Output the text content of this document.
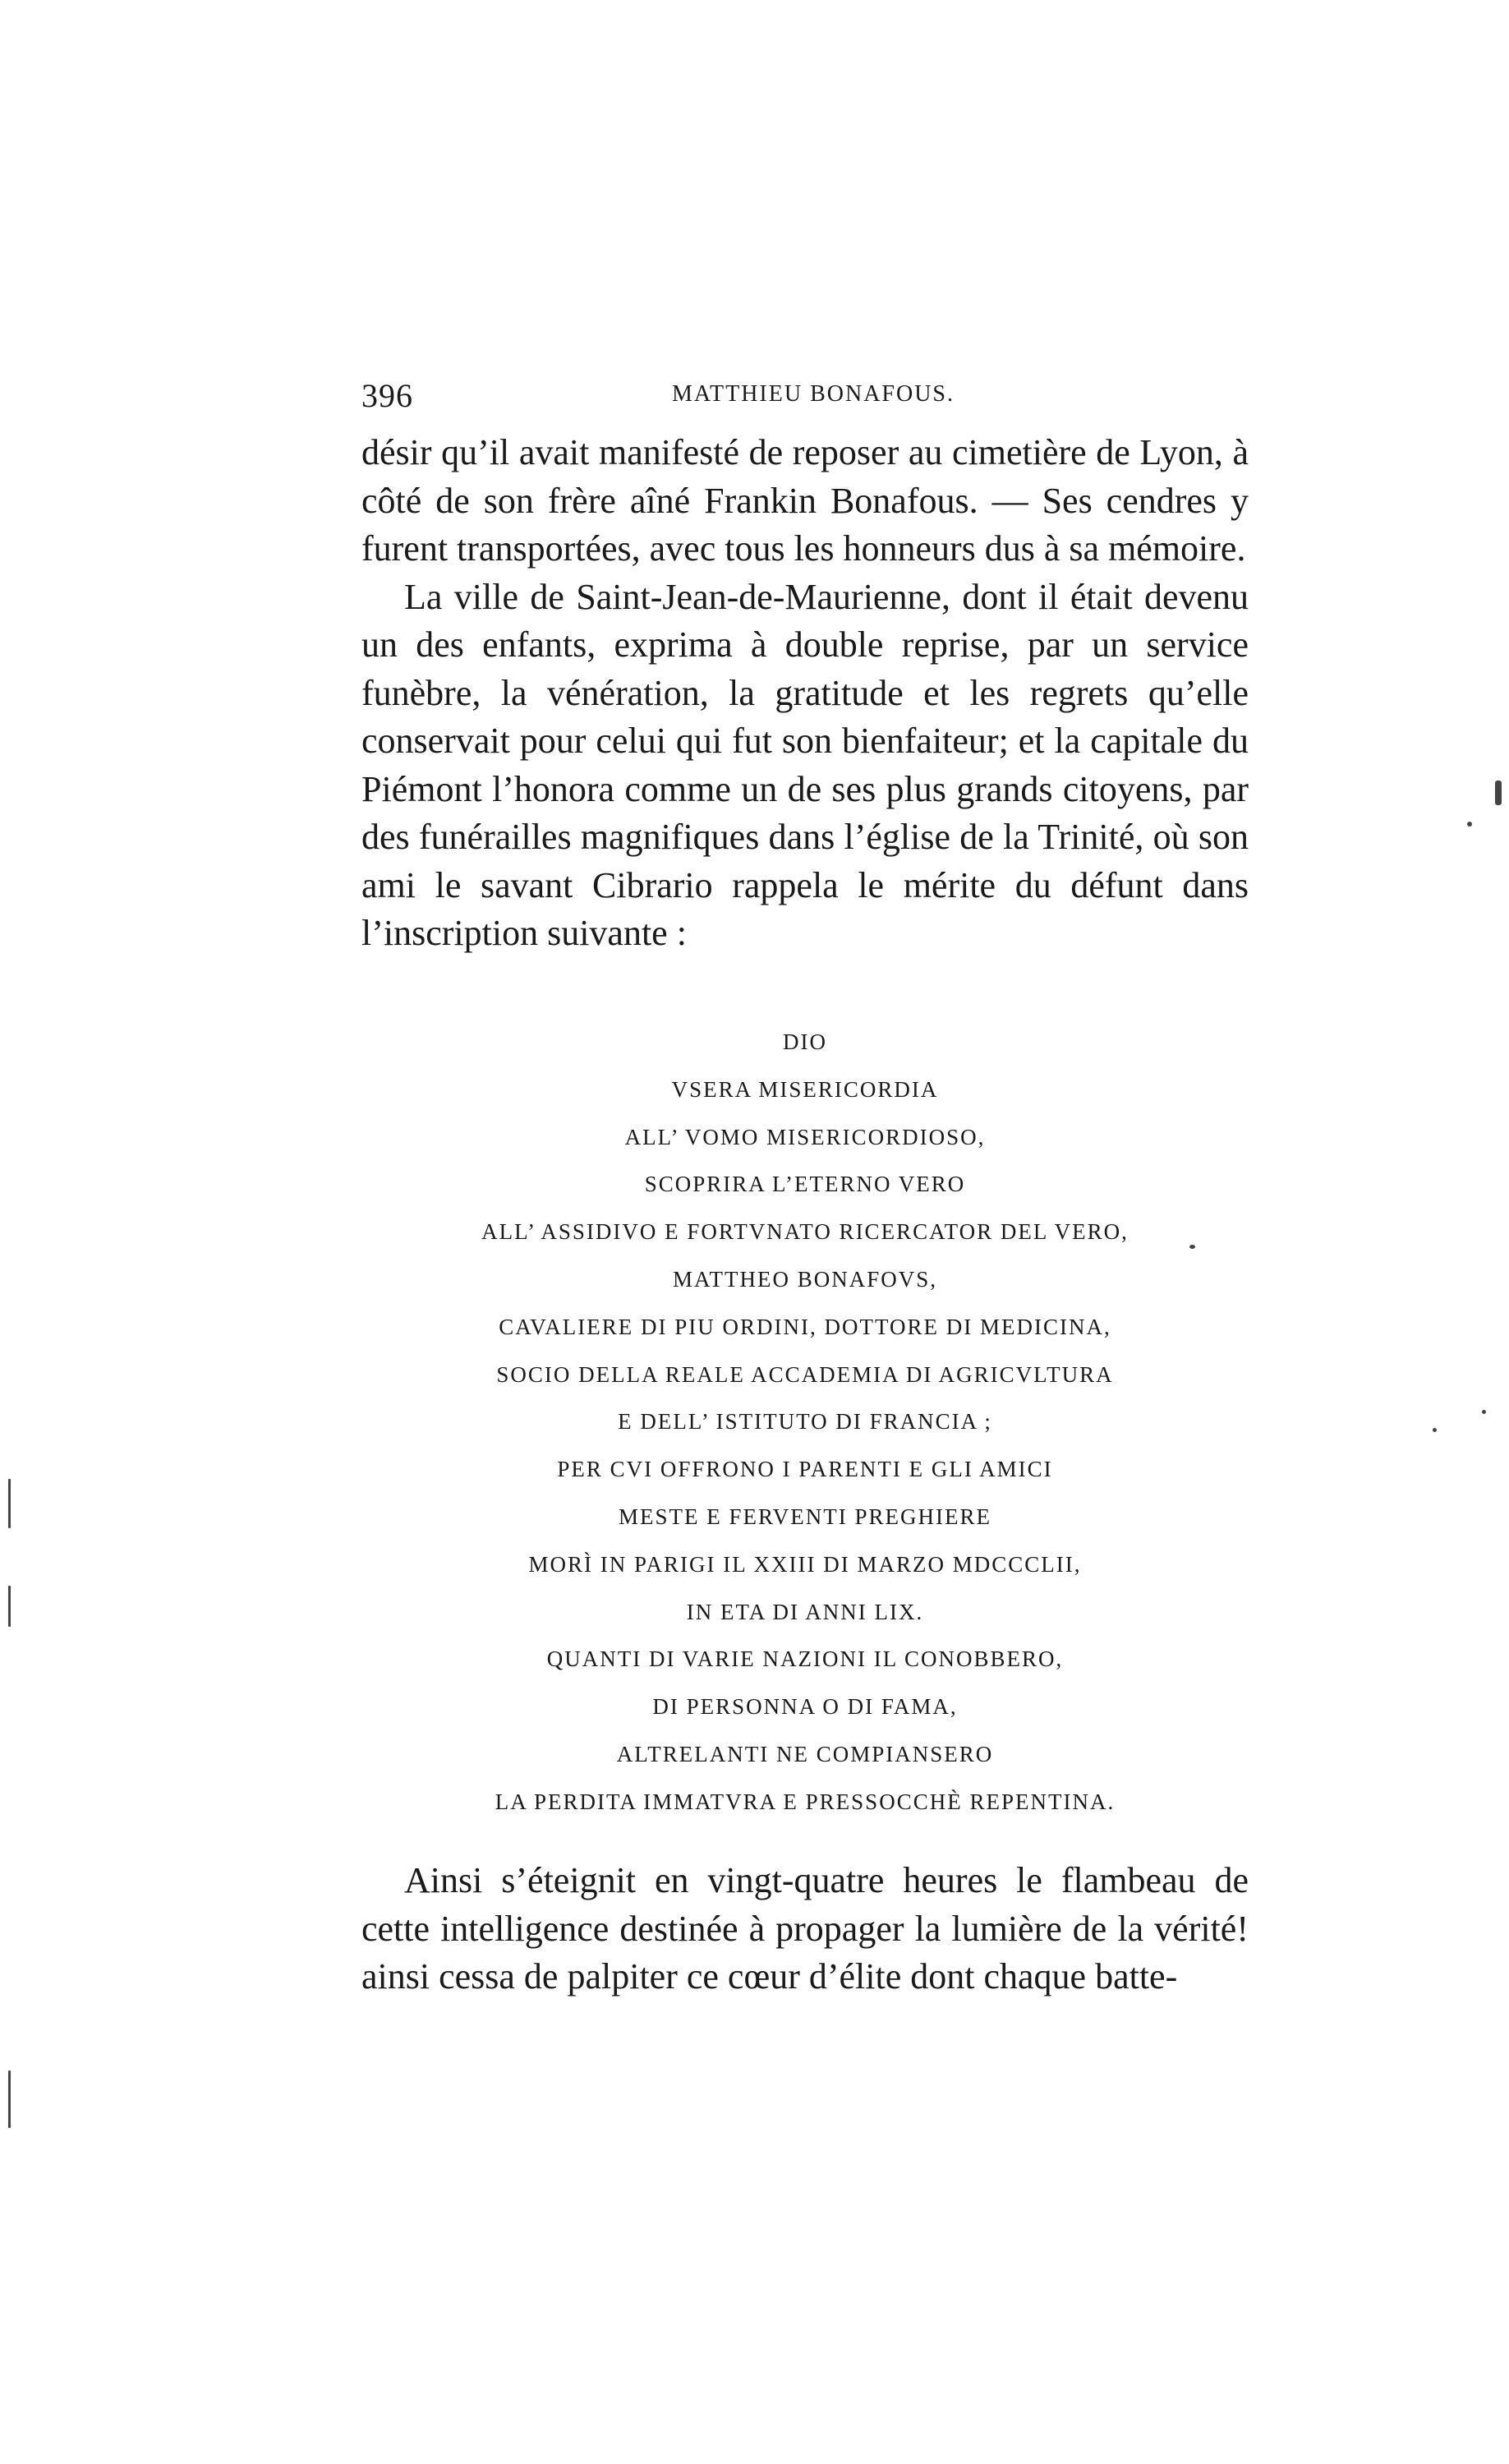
396	MATTHIEU BONAFOUS.

désir qu’il avait manifesté de reposer au cimetière de Lyon, à côté de son frère aîné Frankin Bonafous. — Ses cendres y furent transportées, avec tous les honneurs dus à sa mémoire.

La ville de Saint-Jean-de-Maurienne, dont il était devenu un des enfants, exprima à double reprise, par un service funèbre, la vénération, la gratitude et les regrets qu’elle conservait pour celui qui fut son bienfaiteur; et la capitale du Piémont l’honora comme un de ses plus grands citoyens, par des funérailles magnifiques dans l’église de la Trinité, où son ami le savant Cibrario rappela le mérite du défunt dans l’inscription suivante :

DIO
VSERA MISERICORDIA
ALL’ VOMO MISERICORDIOSO,
SCOPRIRA L’ETERNO VERO
ALL’ ASSIDIVO E FORTVNATO RICERCATOR DEL VERO,
MATTHEO BONAFOVS,
CAVALIERE DI PIU ORDINI, DOTTORE DI MEDICINA,
SOCIO DELLA REALE ACCADEMIA DI AGRICVLTURA
E DELL’ ISTITUTO DI FRANCIA ;
PER CVI OFFRONO I PARENTI E GLI AMICI
MESTE E FERVENTI PREGHIERE
MORÌ IN PARIGI IL XXIII DI MARZO MDCCCLII,
IN ETA DI ANNI LIX.
QUANTI DI VARIE NAZIONI IL CONOBBERO,
DI PERSONNA O DI FAMA,
ALTRELANTI NE COMPIANSERO
LA PERDITA IMMATVRA E PRESSOCCHÈ REPENTINA.

Ainsi s’éteignit en vingt-quatre heures le flambeau de cette intelligence destinée à propager la lumière de la vérité! ainsi cessa de palpiter ce cœur d’élite dont chaque batte-
